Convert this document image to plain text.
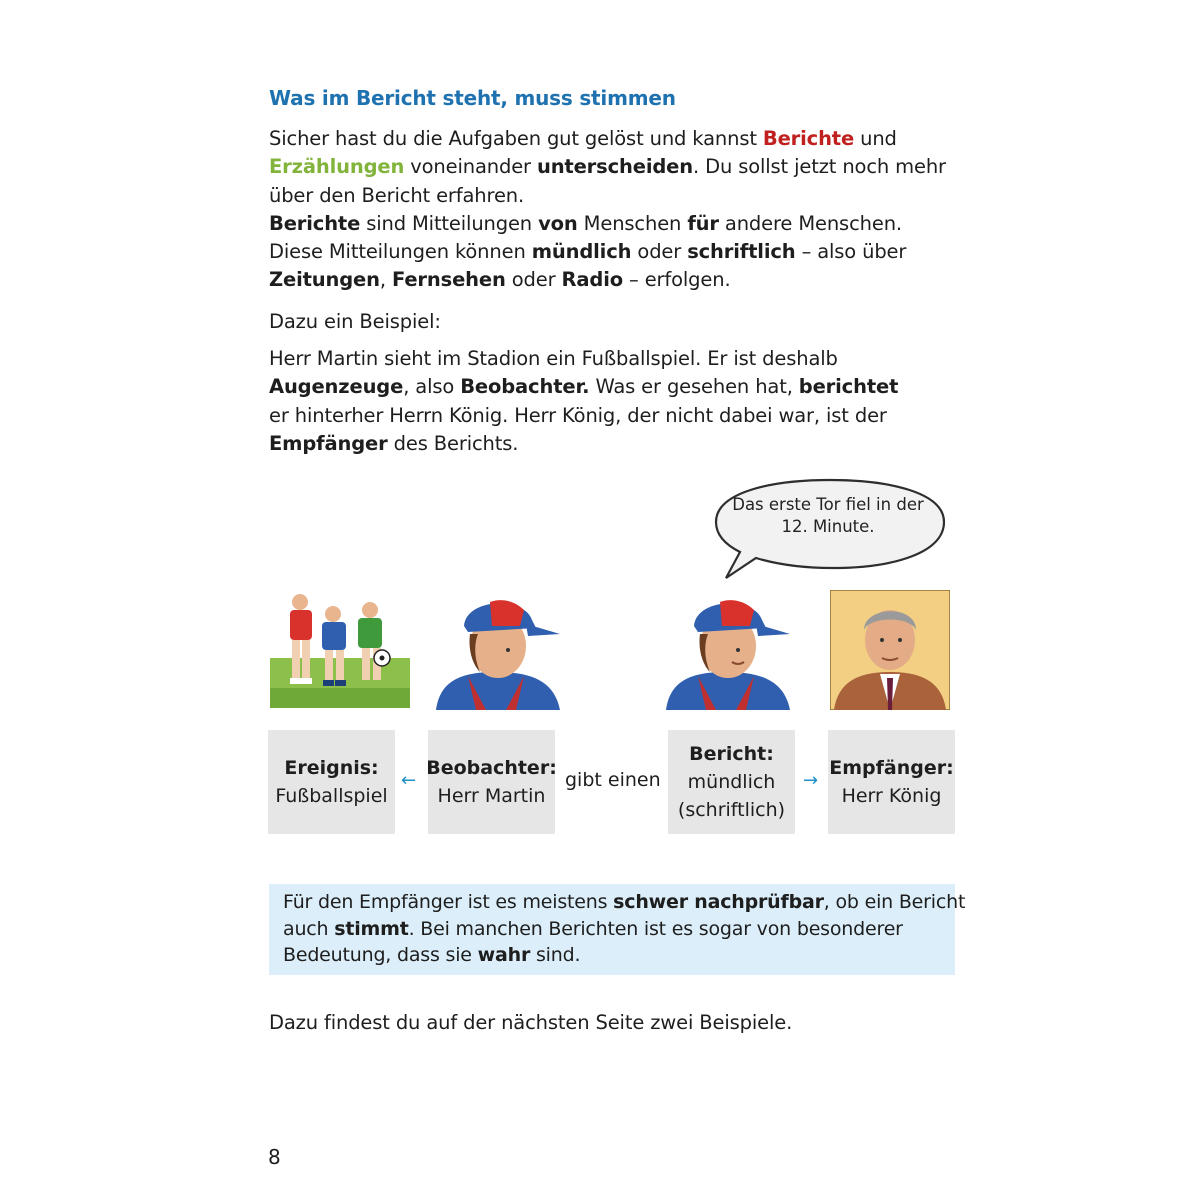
Was im Bericht steht, muss stimmen
Sicher hast du die Aufgaben gut gelöst und kannst Berichte und
Erzählungen voneinander unterscheiden. Du sollst jetzt noch mehr
über den Bericht erfahren.
Berichte sind Mitteilungen von Menschen für andere Menschen.
Diese Mitteilungen können mündlich oder schriftlich – also über
Zeitungen, Fernsehen oder Radio – erfolgen.
Dazu ein Beispiel:
Herr Martin sieht im Stadion ein Fußballspiel. Er ist deshalb
Augenzeuge, also Beobachter. Was er gesehen hat, berichtet
er hinterher Herrn König. Herr König, der nicht dabei war, ist der
Empfänger des Berichts.
Das erste Tor fiel in der
12. Minute.
Ereignis:
Fußballspiel
←
Beobachter:
Herr Martin
gibt einen
Bericht:
mündlich
(schriftlich)
→
Empfänger:
Herr König
Für den Empfänger ist es meistens schwer nachprüfbar, ob ein Bericht
auch stimmt. Bei manchen Berichten ist es sogar von besonderer
Bedeutung, dass sie wahr sind.
Dazu findest du auf der nächsten Seite zwei Beispiele.
8
